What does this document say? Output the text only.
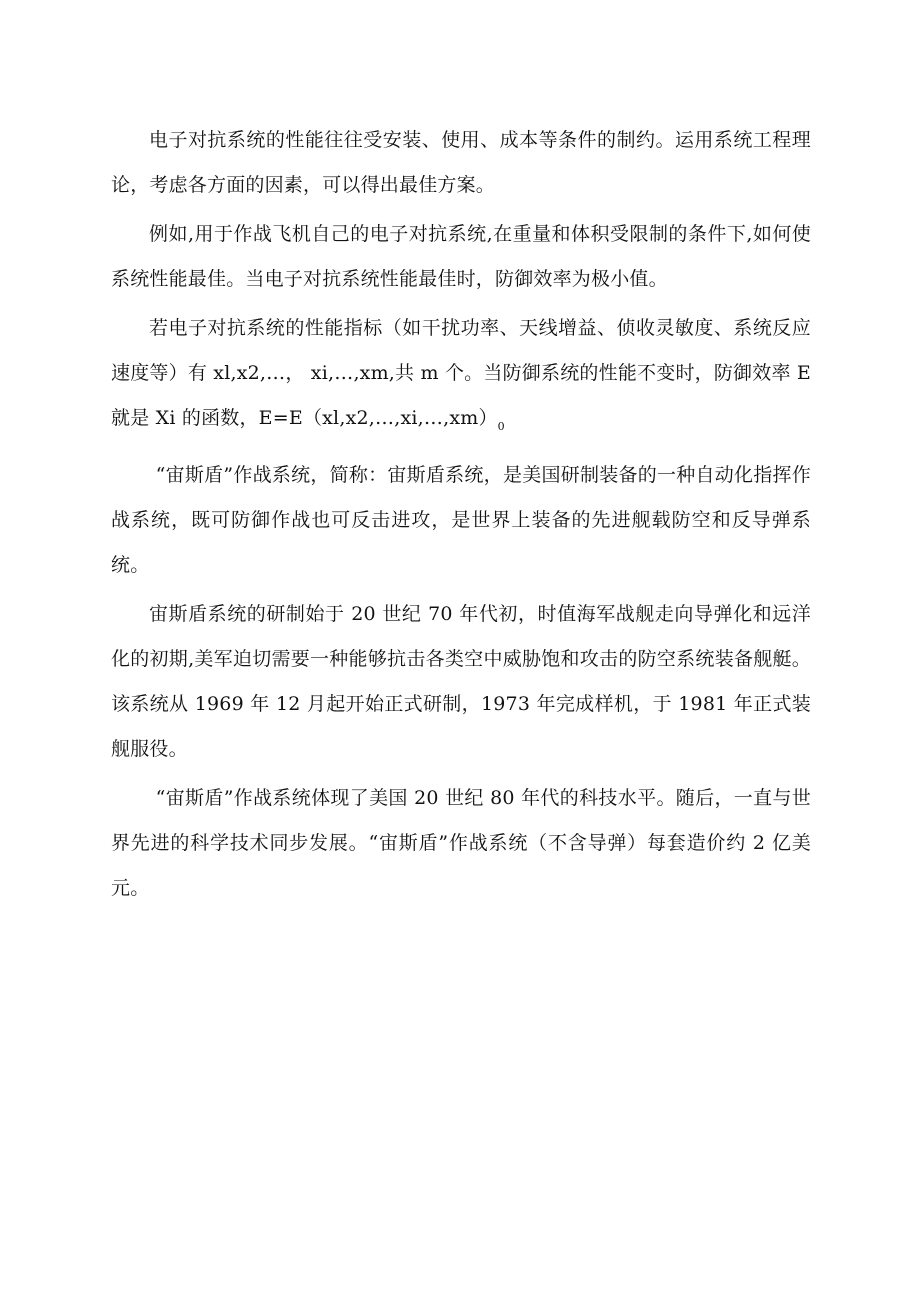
电子对抗系统的性能往往受安装、使用、成本等条件的制约。运用系统工程理论，考虑各方面的因素，可以得出最佳方案。

例如,用于作战飞机自己的电子对抗系统,在重量和体积受限制的条件下,如何使系统性能最佳。当电子对抗系统性能最佳时，防御效率为极小值。

若电子对抗系统的性能指标（如干扰功率、天线增益、侦收灵敏度、系统反应速度等）有 xl,x2,…， xi,…,xm,共 m 个。当防御系统的性能不变时，防御效率 E 就是 Xi 的函数，$E=E(xl,x2,\dots,xi,\dots,xm)_0$

“宙斯盾”作战系统，简称：宙斯盾系统，是美国研制装备的一种自动化指挥作战系统，既可防御作战也可反击进攻，是世界上装备的先进舰载防空和反导弹系统。

宙斯盾系统的研制始于 20 世纪 70 年代初，时值海军战舰走向导弹化和远洋化的初期,美军迫切需要一种能够抗击各类空中威胁饱和攻击的防空系统装备舰艇。该系统从 1969 年 12 月起开始正式研制，1973 年完成样机，于 1981 年正式装舰服役。

“宙斯盾”作战系统体现了美国 20 世纪 80 年代的科技水平。随后，一直与世界先进的科学技术同步发展。“宙斯盾”作战系统（不含导弹）每套造价约 2 亿美元。
